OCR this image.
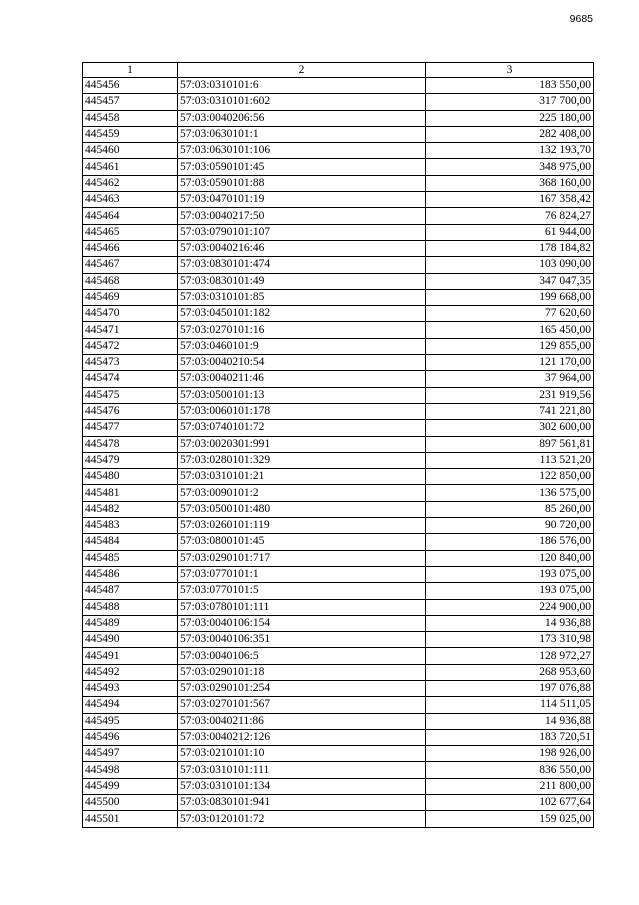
9685
1	2	3
445456	57:03:0310101:6	183 550,00
445457	57:03:0310101:602	317 700,00
445458	57:03:0040206:56	225 180,00
445459	57:03:0630101:1	282 408,00
445460	57:03:0630101:106	132 193,70
445461	57:03:0590101:45	348 975,00
445462	57:03:0590101:88	368 160,00
445463	57:03:0470101:19	167 358,42
445464	57:03:0040217:50	76 824,27
445465	57:03:0790101:107	61 944,00
445466	57:03:0040216:46	178 184,82
445467	57:03:0830101:474	103 090,00
445468	57:03:0830101:49	347 047,35
445469	57:03:0310101:85	199 668,00
445470	57:03:0450101:182	77 620,60
445471	57:03:0270101:16	165 450,00
445472	57:03:0460101:9	129 855,00
445473	57:03:0040210:54	121 170,00
445474	57:03:0040211:46	37 964,00
445475	57:03:0500101:13	231 919,56
445476	57:03:0060101:178	741 221,80
445477	57:03:0740101:72	302 600,00
445478	57:03:0020301:991	897 561,81
445479	57:03:0280101:329	113 521,20
445480	57:03:0310101:21	122 850,00
445481	57:03:0090101:2	136 575,00
445482	57:03:0500101:480	85 260,00
445483	57:03:0260101:119	90 720,00
445484	57:03:0800101:45	186 576,00
445485	57:03:0290101:717	120 840,00
445486	57:03:0770101:1	193 075,00
445487	57:03:0770101:5	193 075,00
445488	57:03:0780101:111	224 900,00
445489	57:03:0040106:154	14 936,88
445490	57:03:0040106:351	173 310,98
445491	57:03:0040106:5	128 972,27
445492	57:03:0290101:18	268 953,60
445493	57:03:0290101:254	197 076,88
445494	57:03:0270101:567	114 511,05
445495	57:03:0040211:86	14 936,88
445496	57:03:0040212:126	183 720,51
445497	57:03:0210101:10	198 926,00
445498	57:03:0310101:111	836 550,00
445499	57:03:0310101:134	211 800,00
445500	57:03:0830101:941	102 677,64
445501	57:03:0120101:72	159 025,00
